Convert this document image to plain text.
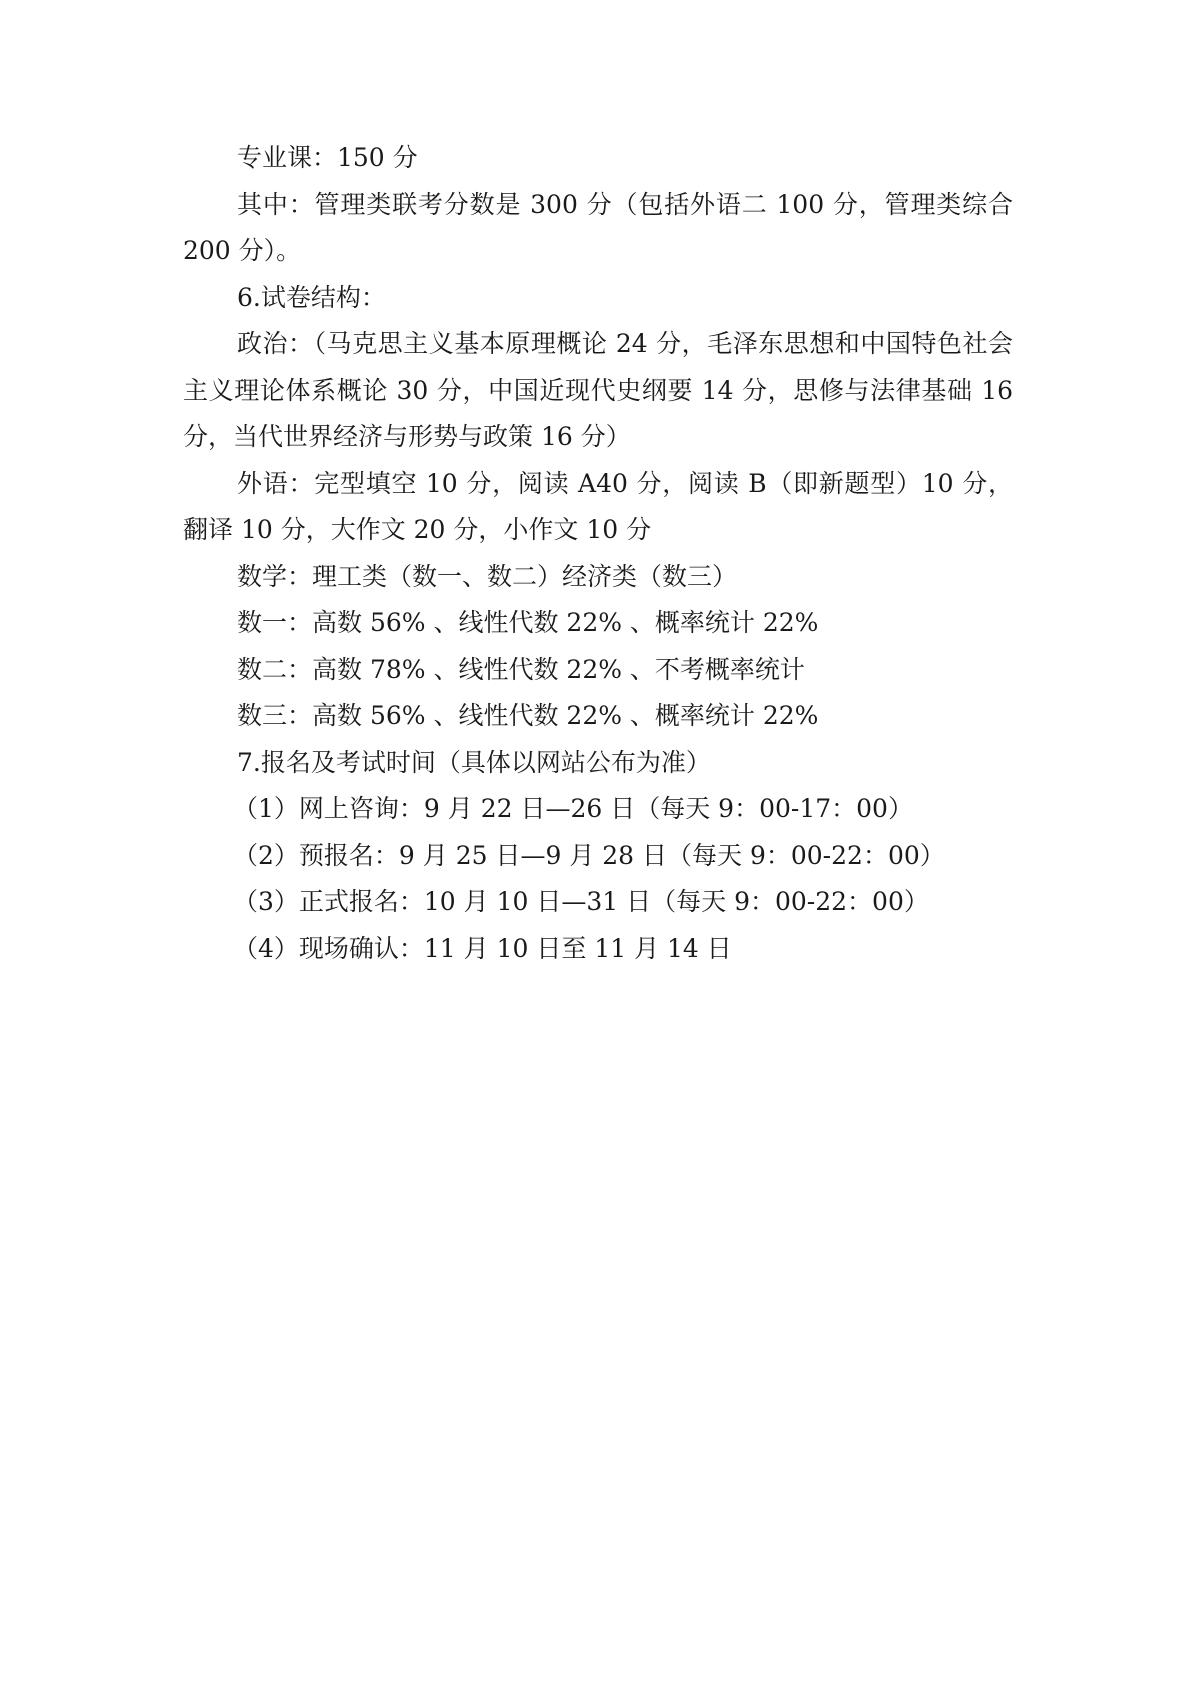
专业课：150 分

其中：管理类联考分数是 300 分（包括外语二 100 分，管理类综合 200 分）。

6.试卷结构：

政治：（马克思主义基本原理概论 24 分，毛泽东思想和中国特色社会主义理论体系概论 30 分，中国近现代史纲要 14 分，思修与法律基础 16 分，当代世界经济与形势与政策 16 分）

外语：完型填空 10 分，阅读 A40 分，阅读 B（即新题型）10 分，翻译 10 分，大作文 20 分，小作文 10 分

数学：理工类（数一、数二）经济类（数三）

数一：高数 56% 、线性代数 22% 、概率统计 22%

数二：高数 78% 、线性代数 22% 、不考概率统计

数三：高数 56% 、线性代数 22% 、概率统计 22%

7.报名及考试时间（具体以网站公布为准）

（1）网上咨询：9 月 22 日—26 日（每天 9：00-17：00）

（2）预报名：9 月 25 日—9 月 28 日（每天 9：00-22：00）

（3）正式报名：10 月 10 日—31 日（每天 9：00-22：00）

（4）现场确认：11 月 10 日至 11 月 14 日
